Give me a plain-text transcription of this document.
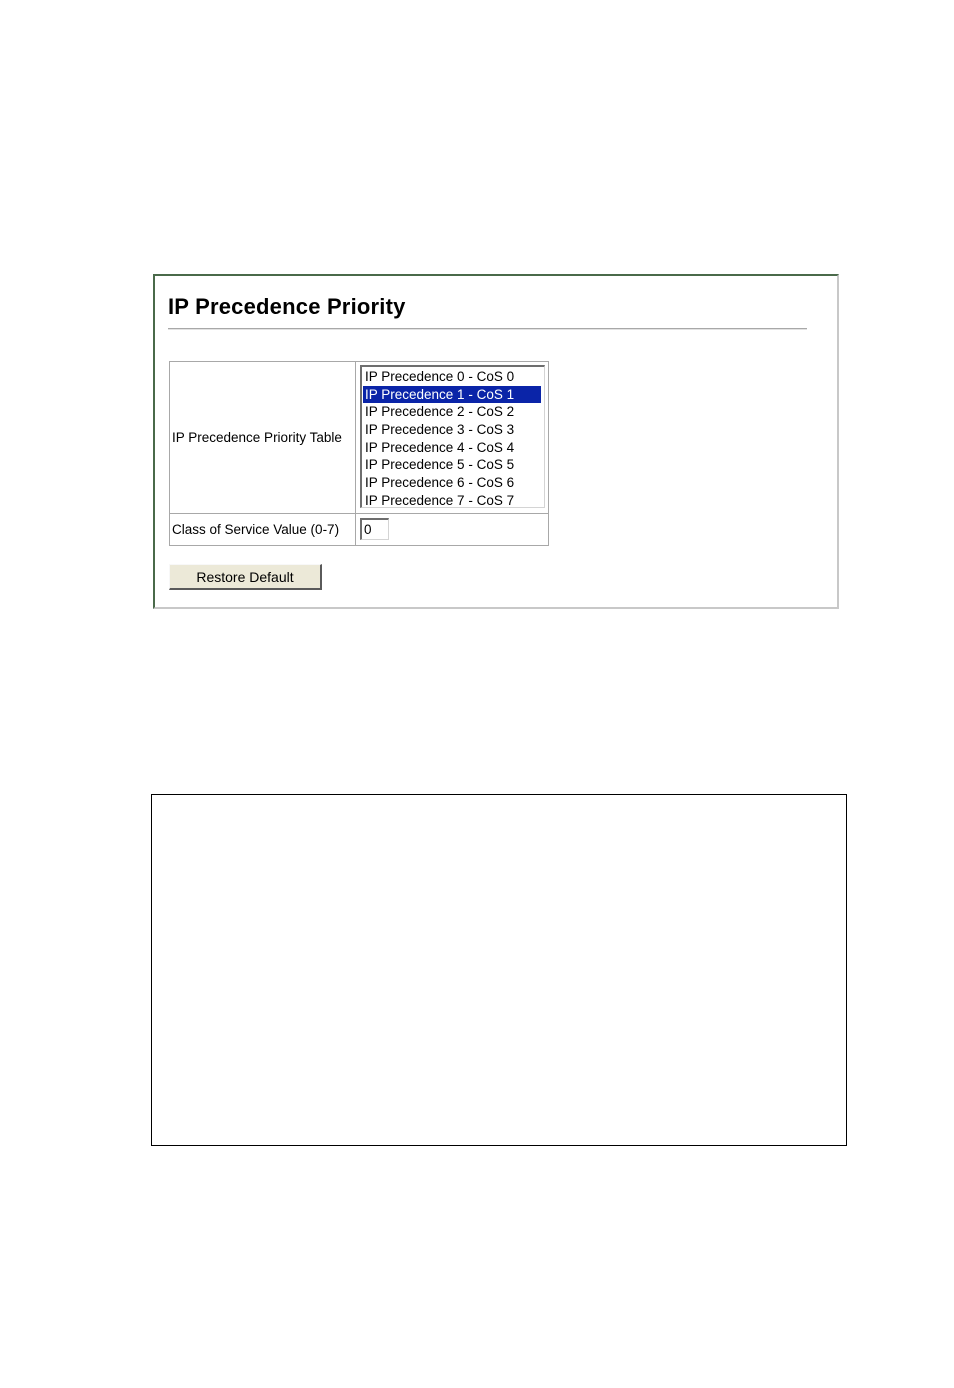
IP Precedence Priority
IP Precedence Priority Table
IP Precedence 0 - CoS 0
IP Precedence 1 - CoS 1
IP Precedence 2 - CoS 2
IP Precedence 3 - CoS 3
IP Precedence 4 - CoS 4
IP Precedence 5 - CoS 5
IP Precedence 6 - CoS 6
IP Precedence 7 - CoS 7
Class of Service Value (0-7)
0
Restore Default
